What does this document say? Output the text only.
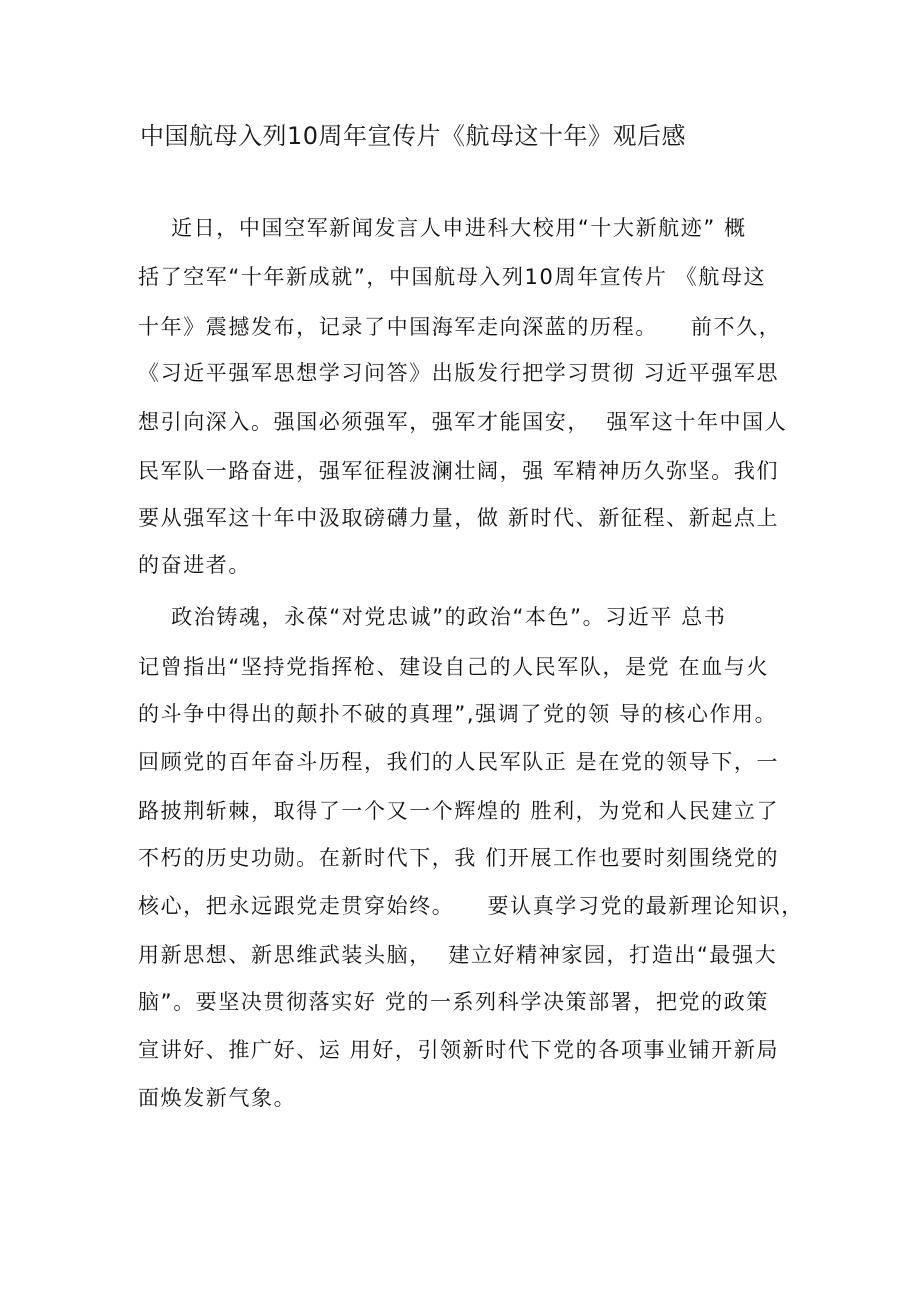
中国航母入列10周年宣传片《航母这十年》观后感
近日，中国空军新闻发言人申进科大校用“十大新航迹” 概
括了空军“十年新成就”，中国航母入列10周年宣传片 《航母这
十年》震撼发布，记录了中国海军走向深蓝的历程。    前不久，
《习近平强军思想学习问答》出版发行把学习贯彻 习近平强军思
想引向深入。强国必须强军，强军才能国安，  强军这十年中国人
民军队一路奋进，强军征程波澜壮阔，强 军精神历久弥坚。我们
要从强军这十年中汲取磅礴力量，做 新时代、新征程、新起点上
的奋进者。
政治铸魂，永葆“对党忠诚”的政治“本色”。习近平 总书
记曾指出“坚持党指挥枪、建设自己的人民军队，是党 在血与火
的斗争中得出的颠扑不破的真理”,强调了党的领 导的核心作用。
回顾党的百年奋斗历程，我们的人民军队正 是在党的领导下，一
路披荆斩棘，取得了一个又一个辉煌的 胜利，为党和人民建立了
不朽的历史功勋。在新时代下，我 们开展工作也要时刻围绕党的
核心，把永远跟党走贯穿始终。    要认真学习党的最新理论知识，
用新思想、新思维武装头脑，  建立好精神家园，打造出“最强大
脑”。要坚决贯彻落实好 党的一系列科学决策部署，把党的政策
宣讲好、推广好、运 用好，引领新时代下党的各项事业铺开新局
面焕发新气象。
